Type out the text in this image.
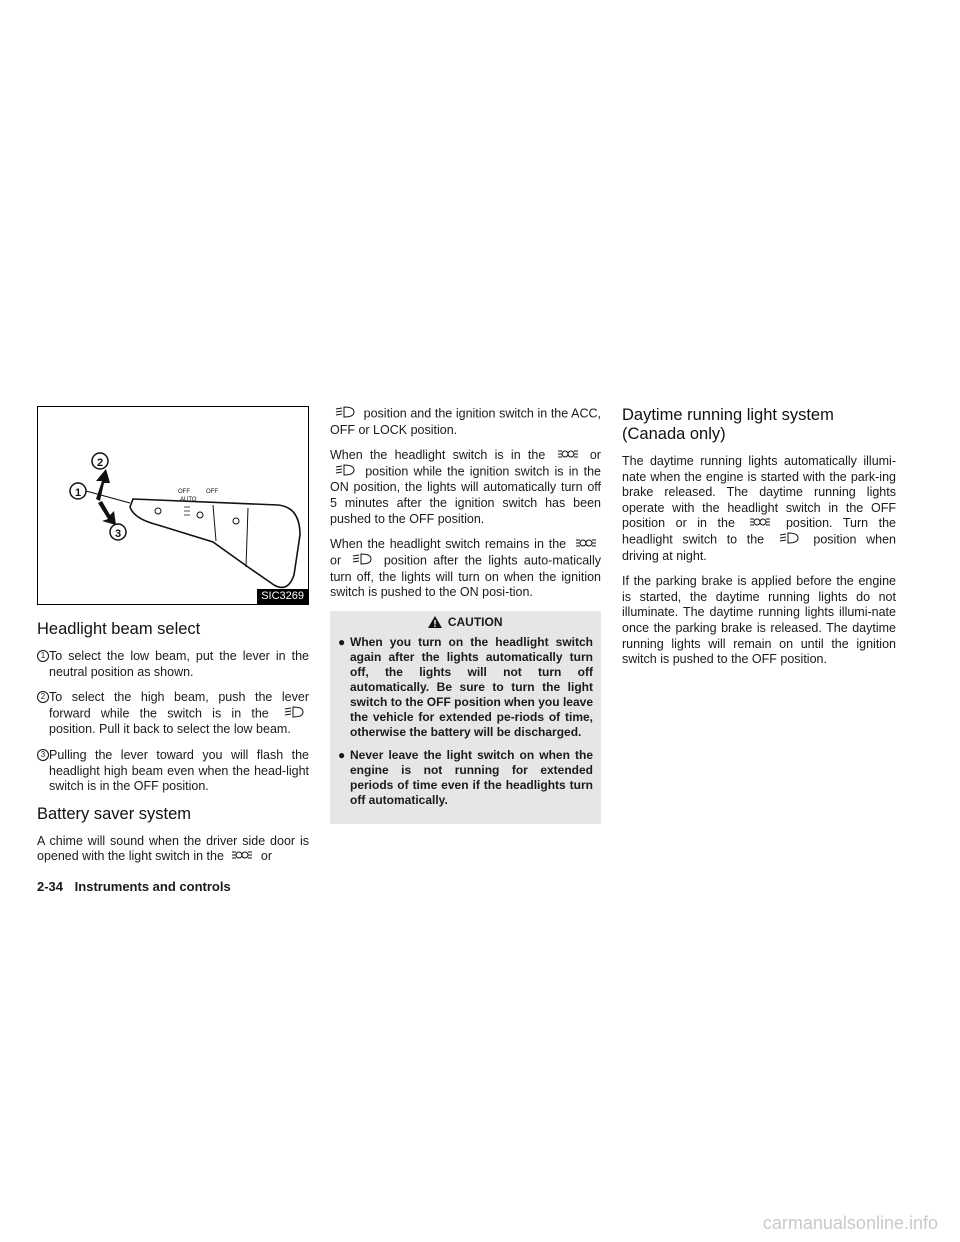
OFF
AUTO
OFF
1
2
3
SIC3269
Headlight beam select

1 To select the low beam, put the lever in the neutral position as shown.

2 To select the high beam, push the lever forward while the switch is in the  position. Pull it back to select the low beam.

3 Pulling the lever toward you will flash the headlight high beam even when the head-light switch is in the OFF position.

Battery saver system

A chime will sound when the driver side door is opened with the light switch in the	or

position and the ignition switch in the ACC, OFF or LOCK position.

When the headlight switch is in the	or  position while the ignition switch is in the ON position, the lights will automatically turn off 5 minutes after the ignition switch has been pushed to the OFF position.

When the headlight switch remains in the  or	position after the lights auto-matically turn off, the lights will turn on when the ignition switch is pushed to the ON posi-tion.

CAUTION
● When you turn on the headlight switch again after the lights automatically turn off, the lights will not turn off automatically. Be sure to turn the light switch to the OFF position when you leave the vehicle for extended pe-riods of time, otherwise the battery will be discharged.
● Never leave the light switch on when the engine is not running for extended periods of time even if the headlights turn off automatically.
Daytime running light system (Canada only)

The daytime running lights automatically illumi-nate when the engine is started with the park-ing brake released. The daytime running lights operate with the headlight switch in the OFF position or in the	position. Turn the headlight switch to the	position when driving at night.

If the parking brake is applied before the engine is started, the daytime running lights do not illuminate. The daytime running lights illumi-nate once the parking brake is released. The daytime running lights will remain on until the ignition switch is pushed to the OFF position.

2-34 Instruments and controls
carmanualsonline.info
